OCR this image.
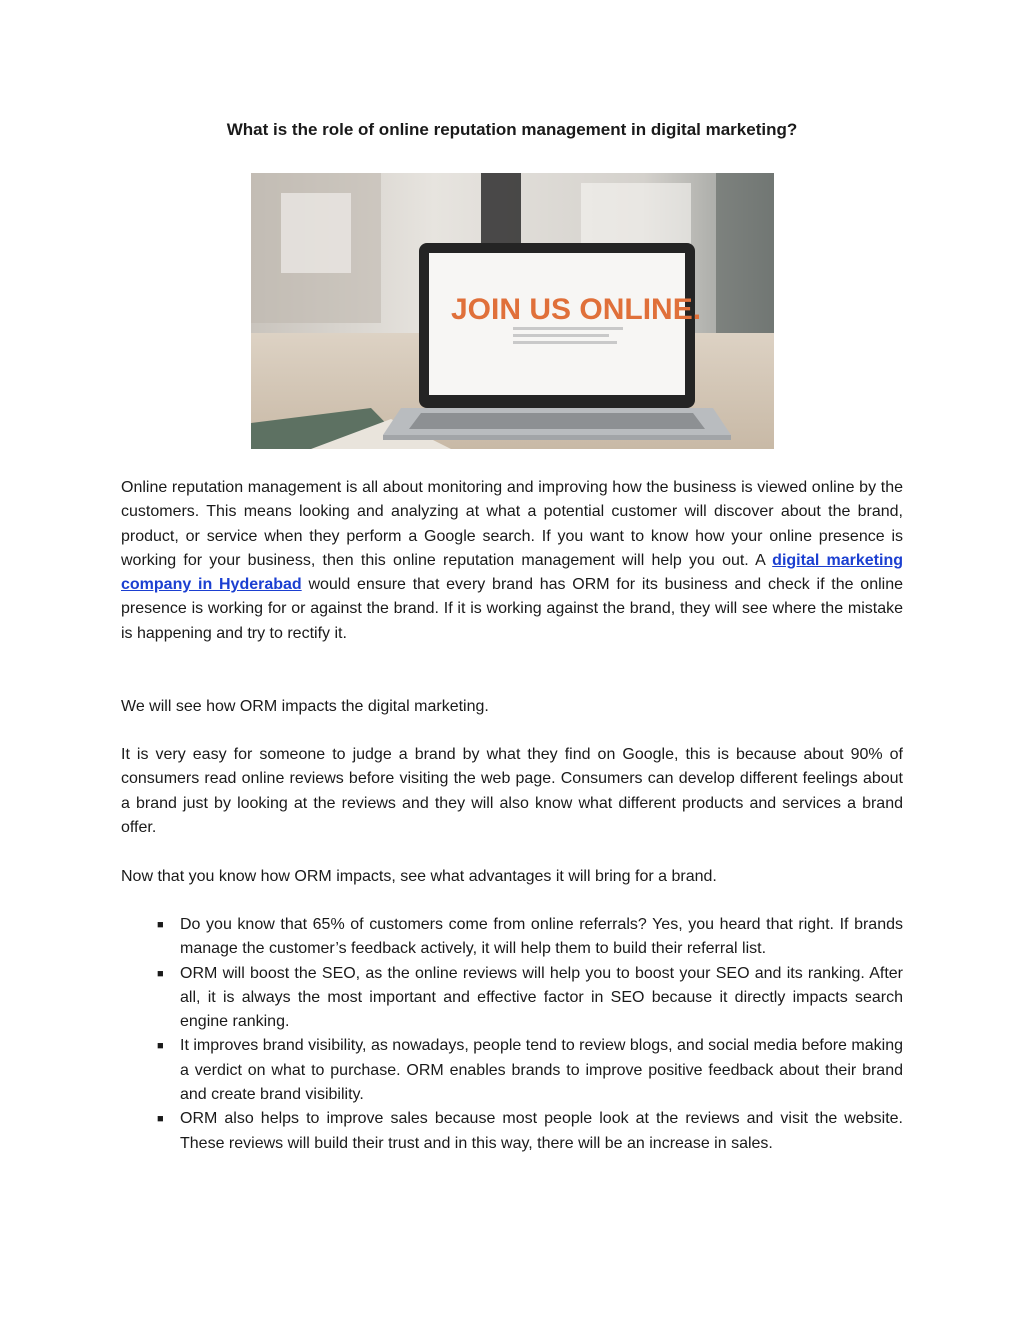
What is the role of online reputation management in digital marketing?
JOIN US ONLINE.

Online reputation management is all about monitoring and improving how the business is viewed online by the customers. This means looking and analyzing at what a potential customer will discover about the brand, product, or service when they perform a Google search. If you want to know how your online presence is working for your business, then this online reputation management will help you out. A digital marketing company in Hyderabad would ensure that every brand has ORM for its business and check if the online presence is working for or against the brand. If it is working against the brand, they will see where the mistake is happening and try to rectify it.

We will see how ORM impacts the digital marketing.

It is very easy for someone to judge a brand by what they find on Google, this is because about 90% of consumers read online reviews before visiting the web page. Consumers can develop different feelings about a brand just by looking at the reviews and they will also know what different products and services a brand offer.

Now that you know how ORM impacts, see what advantages it will bring for a brand.

■ Do you know that 65% of customers come from online referrals? Yes, you heard that right. If brands manage the customer’s feedback actively, it will help them to build their referral list.
■ ORM will boost the SEO, as the online reviews will help you to boost your SEO and its ranking. After all, it is always the most important and effective factor in SEO because it directly impacts search engine ranking.
■ It improves brand visibility, as nowadays, people tend to review blogs, and social media before making a verdict on what to purchase. ORM enables brands to improve positive feedback about their brand and create brand visibility.
■ ORM also helps to improve sales because most people look at the reviews and visit the website. These reviews will build their trust and in this way, there will be an increase in sales.
